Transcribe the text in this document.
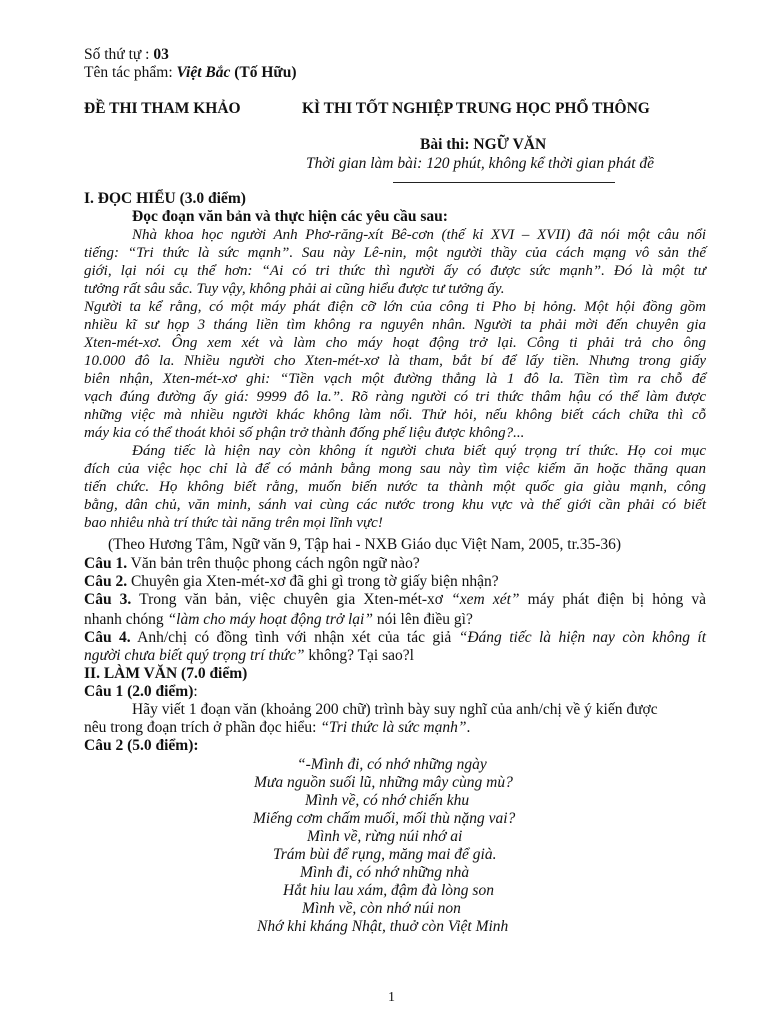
Số thứ tự : 03
Tên tác phẩm: Việt Bắc (Tố Hữu)
ĐỀ THI THAM KHẢO	KÌ THI TỐT NGHIỆP TRUNG HỌC PHỔ THÔNG
Bài thi: NGỮ VĂN
Thời gian làm bài: 120 phút, không kể thời gian phát đề
I. ĐỌC HIỂU (3.0 điểm)
Đọc đoạn văn bản và thực hiện các yêu cầu sau:
Nhà khoa học người Anh Phơ-răng-xít Bê-cơn (thế kỉ XVI – XVII) đã nói một câu nổi
tiếng: “Tri thức là sức mạnh”. Sau này Lê-nin, một người thầy của cách mạng vô sản thế
giới, lại nói cụ thể hơn: “Ai có tri thức thì người ấy có được sức mạnh”. Đó là một tư
tưởng rất sâu sắc. Tuy vậy, không phải ai cũng hiểu được tư tưởng ấy.
Người ta kể rằng, có một máy phát điện cỡ lớn của công ti Pho bị hỏng. Một hội đồng gồm
nhiều kĩ sư họp 3 tháng liền tìm không ra nguyên nhân. Người ta phải mời đến chuyên gia
Xten-mét-xơ. Ông xem xét và làm cho máy hoạt động trở lại. Công ti phải trả cho ông
10.000 đô la. Nhiều người cho Xten-mét-xơ là tham, bắt bí để lấy tiền. Nhưng trong giấy
biên nhận, Xten-mét-xơ ghi: “Tiền vạch một đường thẳng là 1 đô la. Tiền tìm ra chỗ để
vạch đúng đường ấy giá: 9999 đô la.”. Rõ ràng người có tri thức thâm hậu có thể làm được
những việc mà nhiều người khác không làm nổi. Thử hỏi, nếu không biết cách chữa thì cỗ
máy kia có thể thoát khỏi số phận trở thành đống phế liệu được không?...
Đáng tiếc là hiện nay còn không ít người chưa biết quý trọng trí thức. Họ coi mục
đích của việc học chỉ là để có mảnh bằng mong sau này tìm việc kiếm ăn hoặc thăng quan
tiến chức. Họ không biết rằng, muốn biến nước ta thành một quốc gia giàu mạnh, công
bằng, dân chủ, văn minh, sánh vai cùng các nước trong khu vực và thế giới cần phải có biết
bao nhiêu nhà trí thức tài năng trên mọi lĩnh vực!
(Theo Hương Tâm, Ngữ văn 9, Tập hai - NXB Giáo dục Việt Nam, 2005, tr.35-36)
Câu 1. Văn bản trên thuộc phong cách ngôn ngữ nào?
Câu 2. Chuyên gia Xten-mét-xơ đã ghi gì trong tờ giấy biện nhận?
Câu 3. Trong văn bản, việc chuyên gia Xten-mét-xơ “xem xét” máy phát điện bị hỏng và
nhanh chóng “làm cho máy hoạt động trở lại” nói lên điều gì?
Câu 4. Anh/chị có đồng tình với nhận xét của tác giả “Đáng tiếc là hiện nay còn không ít
người chưa biết quý trọng trí thức” không? Tại sao?l
II. LÀM VĂN (7.0 điểm)
Câu 1 (2.0 điểm):
Hãy viết 1 đoạn văn (khoảng 200 chữ) trình bày suy nghĩ của anh/chị về ý kiến được
nêu trong đoạn trích ở phần đọc hiểu: “Tri thức là sức mạnh”.
Câu 2 (5.0 điểm):
“-Mình đi, có nhớ những ngày
Mưa nguồn suối lũ, những mây cùng mù?
Mình về, có nhớ chiến khu
Miếng cơm chấm muối, mối thù nặng vai?
Mình về, rừng núi nhớ ai
Trám bùi để rụng, măng mai để già.
Mình đi, có nhớ những nhà
Hắt hiu lau xám, đậm đà lòng son
Mình về, còn nhớ núi non
Nhớ khi kháng Nhật, thuở còn Việt Minh
1
